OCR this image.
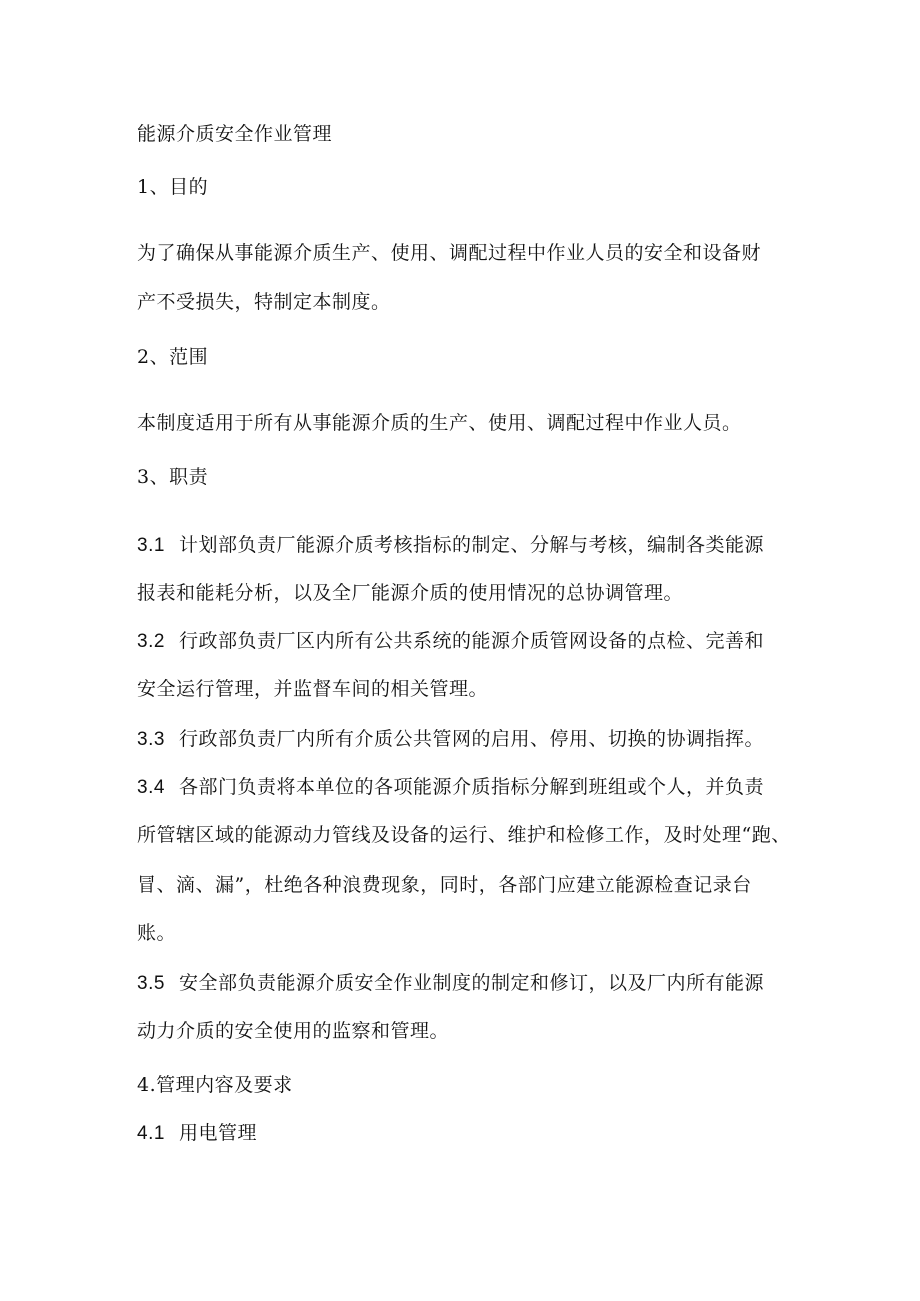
能源介质安全作业管理
1、目的
为了确保从事能源介质生产、使用、调配过程中作业人员的安全和设备财
产不受损失，特制定本制度。
2、范围
本制度适用于所有从事能源介质的生产、使用、调配过程中作业人员。
3、职责
3.1 计划部负责厂能源介质考核指标的制定、分解与考核，编制各类能源
报表和能耗分析，以及全厂能源介质的使用情况的总协调管理。
3.2 行政部负责厂区内所有公共系统的能源介质管网设备的点检、完善和
安全运行管理，并监督车间的相关管理。
3.3 行政部负责厂内所有介质公共管网的启用、停用、切换的协调指挥。
3.4 各部门负责将本单位的各项能源介质指标分解到班组或个人，并负责
所管辖区域的能源动力管线及设备的运行、维护和检修工作，及时处理“跑、
冒、滴、漏”，杜绝各种浪费现象，同时，各部门应建立能源检查记录台
账。
3.5 安全部负责能源介质安全作业制度的制定和修订，以及厂内所有能源
动力介质的安全使用的监察和管理。
4.管理内容及要求
4.1 用电管理
